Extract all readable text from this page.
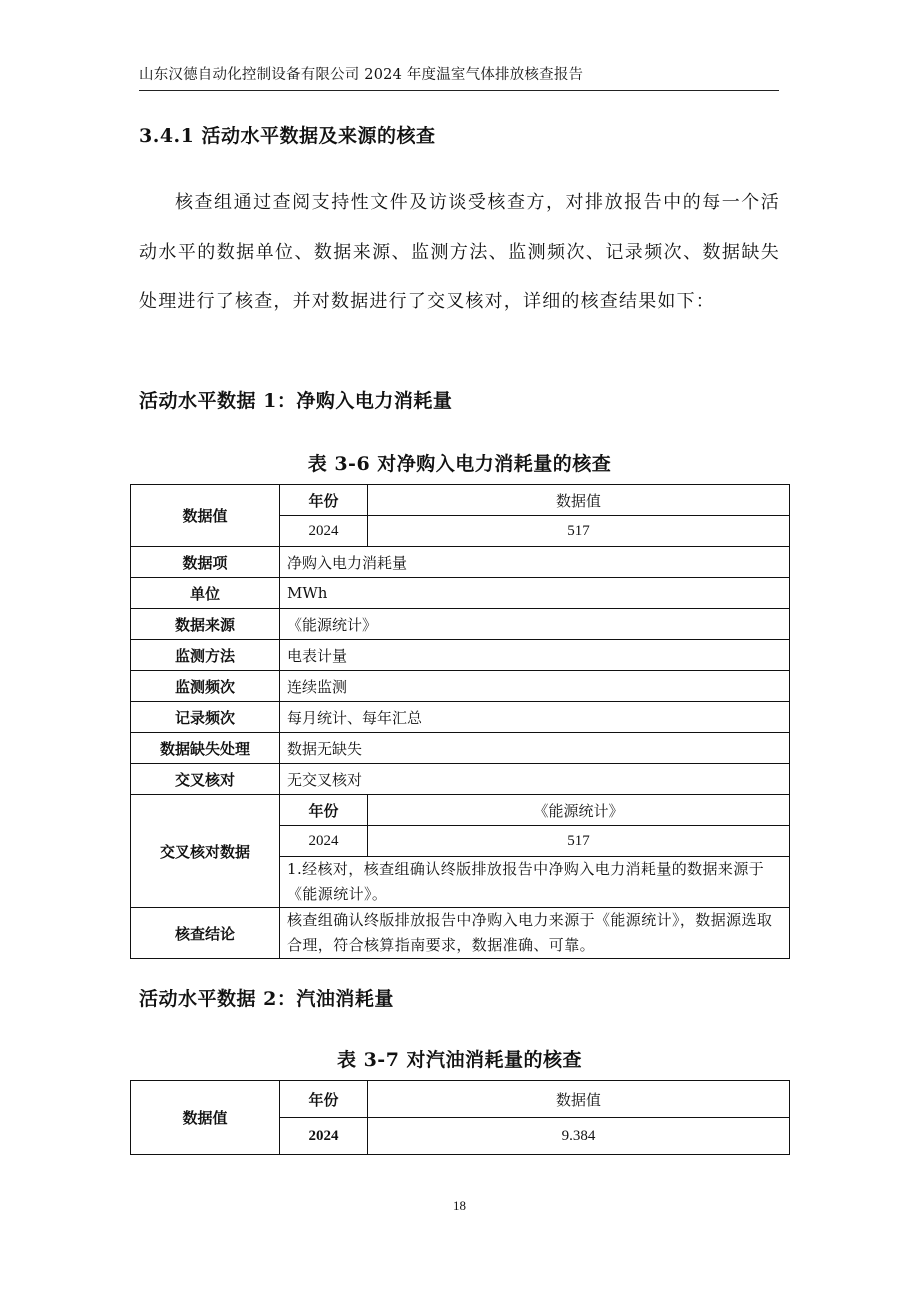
山东汉德自动化控制设备有限公司 2024 年度温室气体排放核查报告
3.4.1 活动水平数据及来源的核查

核查组通过查阅支持性文件及访谈受核查方，对排放报告中的每一个活动水平的数据单位、数据来源、监测方法、监测频次、记录频次、数据缺失处理进行了核查，并对数据进行了交叉核对，详细的核查结果如下：

活动水平数据 1：净购入电力消耗量
表 3-6 对净购入电力消耗量的核查
数据值	年份	数据值
	2024	517
数据项	净购入电力消耗量	
单位	MWh	
数据来源	《能源统计》	
监测方法	电表计量	
监测频次	连续监测	
记录频次	每月统计、每年汇总	
数据缺失处理	数据无缺失	
交叉核对	无交叉核对	
交叉核对数据	年份	《能源统计》
	2024	517
	1.经核对，核查组确认终版排放报告中净购入电力消耗量的数据来源于《能源统计》。	
核查结论	核查组确认终版排放报告中净购入电力来源于《能源统计》，数据源选取合理，符合核算指南要求，数据准确、可靠。	
活动水平数据 2：汽油消耗量
表 3-7 对汽油消耗量的核查
数据值	年份	数据值
	2024	9.384
18
